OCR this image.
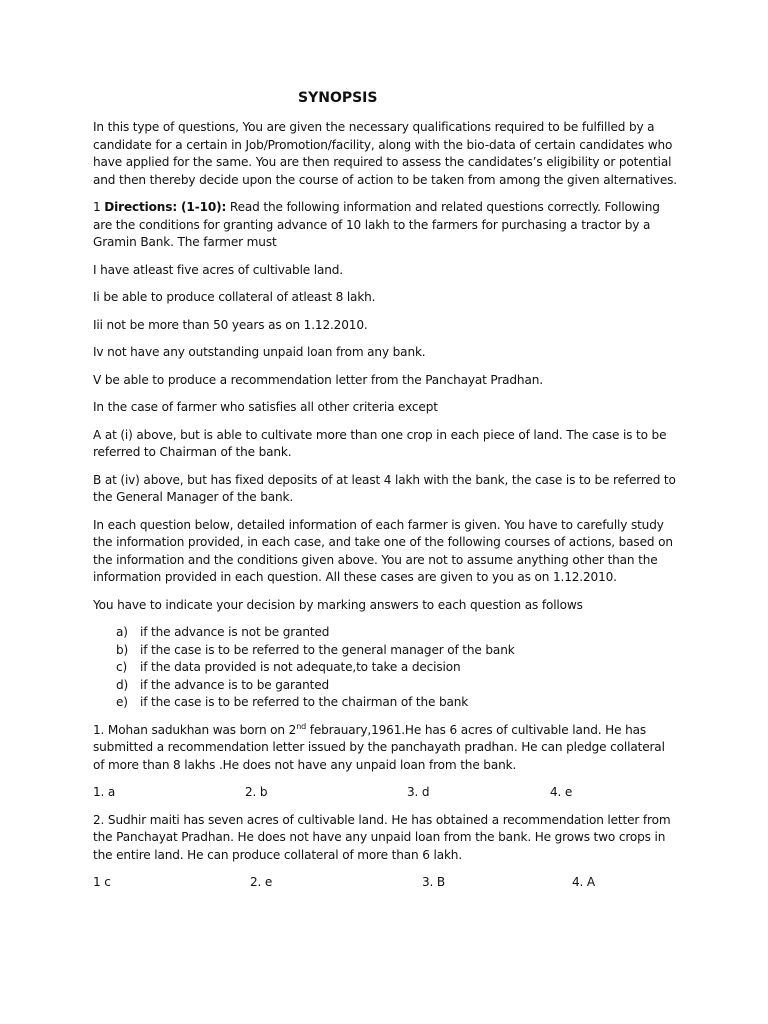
SYNOPSIS

In this type of questions, You are given the necessary qualifications required to be fulfilled by a candidate for a certain in Job/Promotion/facility, along with the bio-data of certain candidates who have applied for the same. You are then required to assess the candidates’s eligibility or potential and then thereby decide upon the course of action to be taken from among the given alternatives.

1 Directions: (1-10): Read the following information and related questions correctly. Following are the conditions for granting advance of 10 lakh to the farmers for purchasing a tractor by a Gramin Bank. The farmer must

I have atleast five acres of cultivable land.

Ii be able to produce collateral of atleast 8 lakh.

Iii not be more than 50 years as on 1.12.2010.

Iv not have any outstanding unpaid loan from any bank.

V be able to produce a recommendation letter from the Panchayat Pradhan.

In the case of farmer who satisfies all other criteria except

A at (i) above, but is able to cultivate more than one crop in each piece of land. The case is to be referred to Chairman of the bank.

B at (iv) above, but has fixed deposits of at least 4 lakh with the bank, the case is to be referred to the General Manager of the bank.

In each question below, detailed information of each farmer is given. You have to carefully study the information provided, in each case, and take one of the following courses of actions, based on the information and the conditions given above. You are not to assume anything other than the information provided in each question. All these cases are given to you as on 1.12.2010.

You have to indicate your decision by marking answers to each question as follows

a)	if the advance is not be granted
b) if the case is to be referred to the general manager of the bank
c)	if the data provided is not adequate,to take a decision
d) if the advance is to be garanted
e)	if the case is to be referred to the chairman of the bank

1. Mohan sadukhan was born on 2nd febrauary,1961.He has 6 acres of cultivable land. He has submitted a recommendation letter issued by the panchayath pradhan. He can pledge collateral of more than 8 lakhs .He does not have any unpaid loan from the bank.

1. a	2. b	3. d	4. e

2. Sudhir maiti has seven acres of cultivable land. He has obtained a recommendation letter from the Panchayat Pradhan. He does not have any unpaid loan from the bank. He grows two crops in the entire land. He can produce collateral of more than 6 lakh.

1 c	2. e	3. B	4. A
